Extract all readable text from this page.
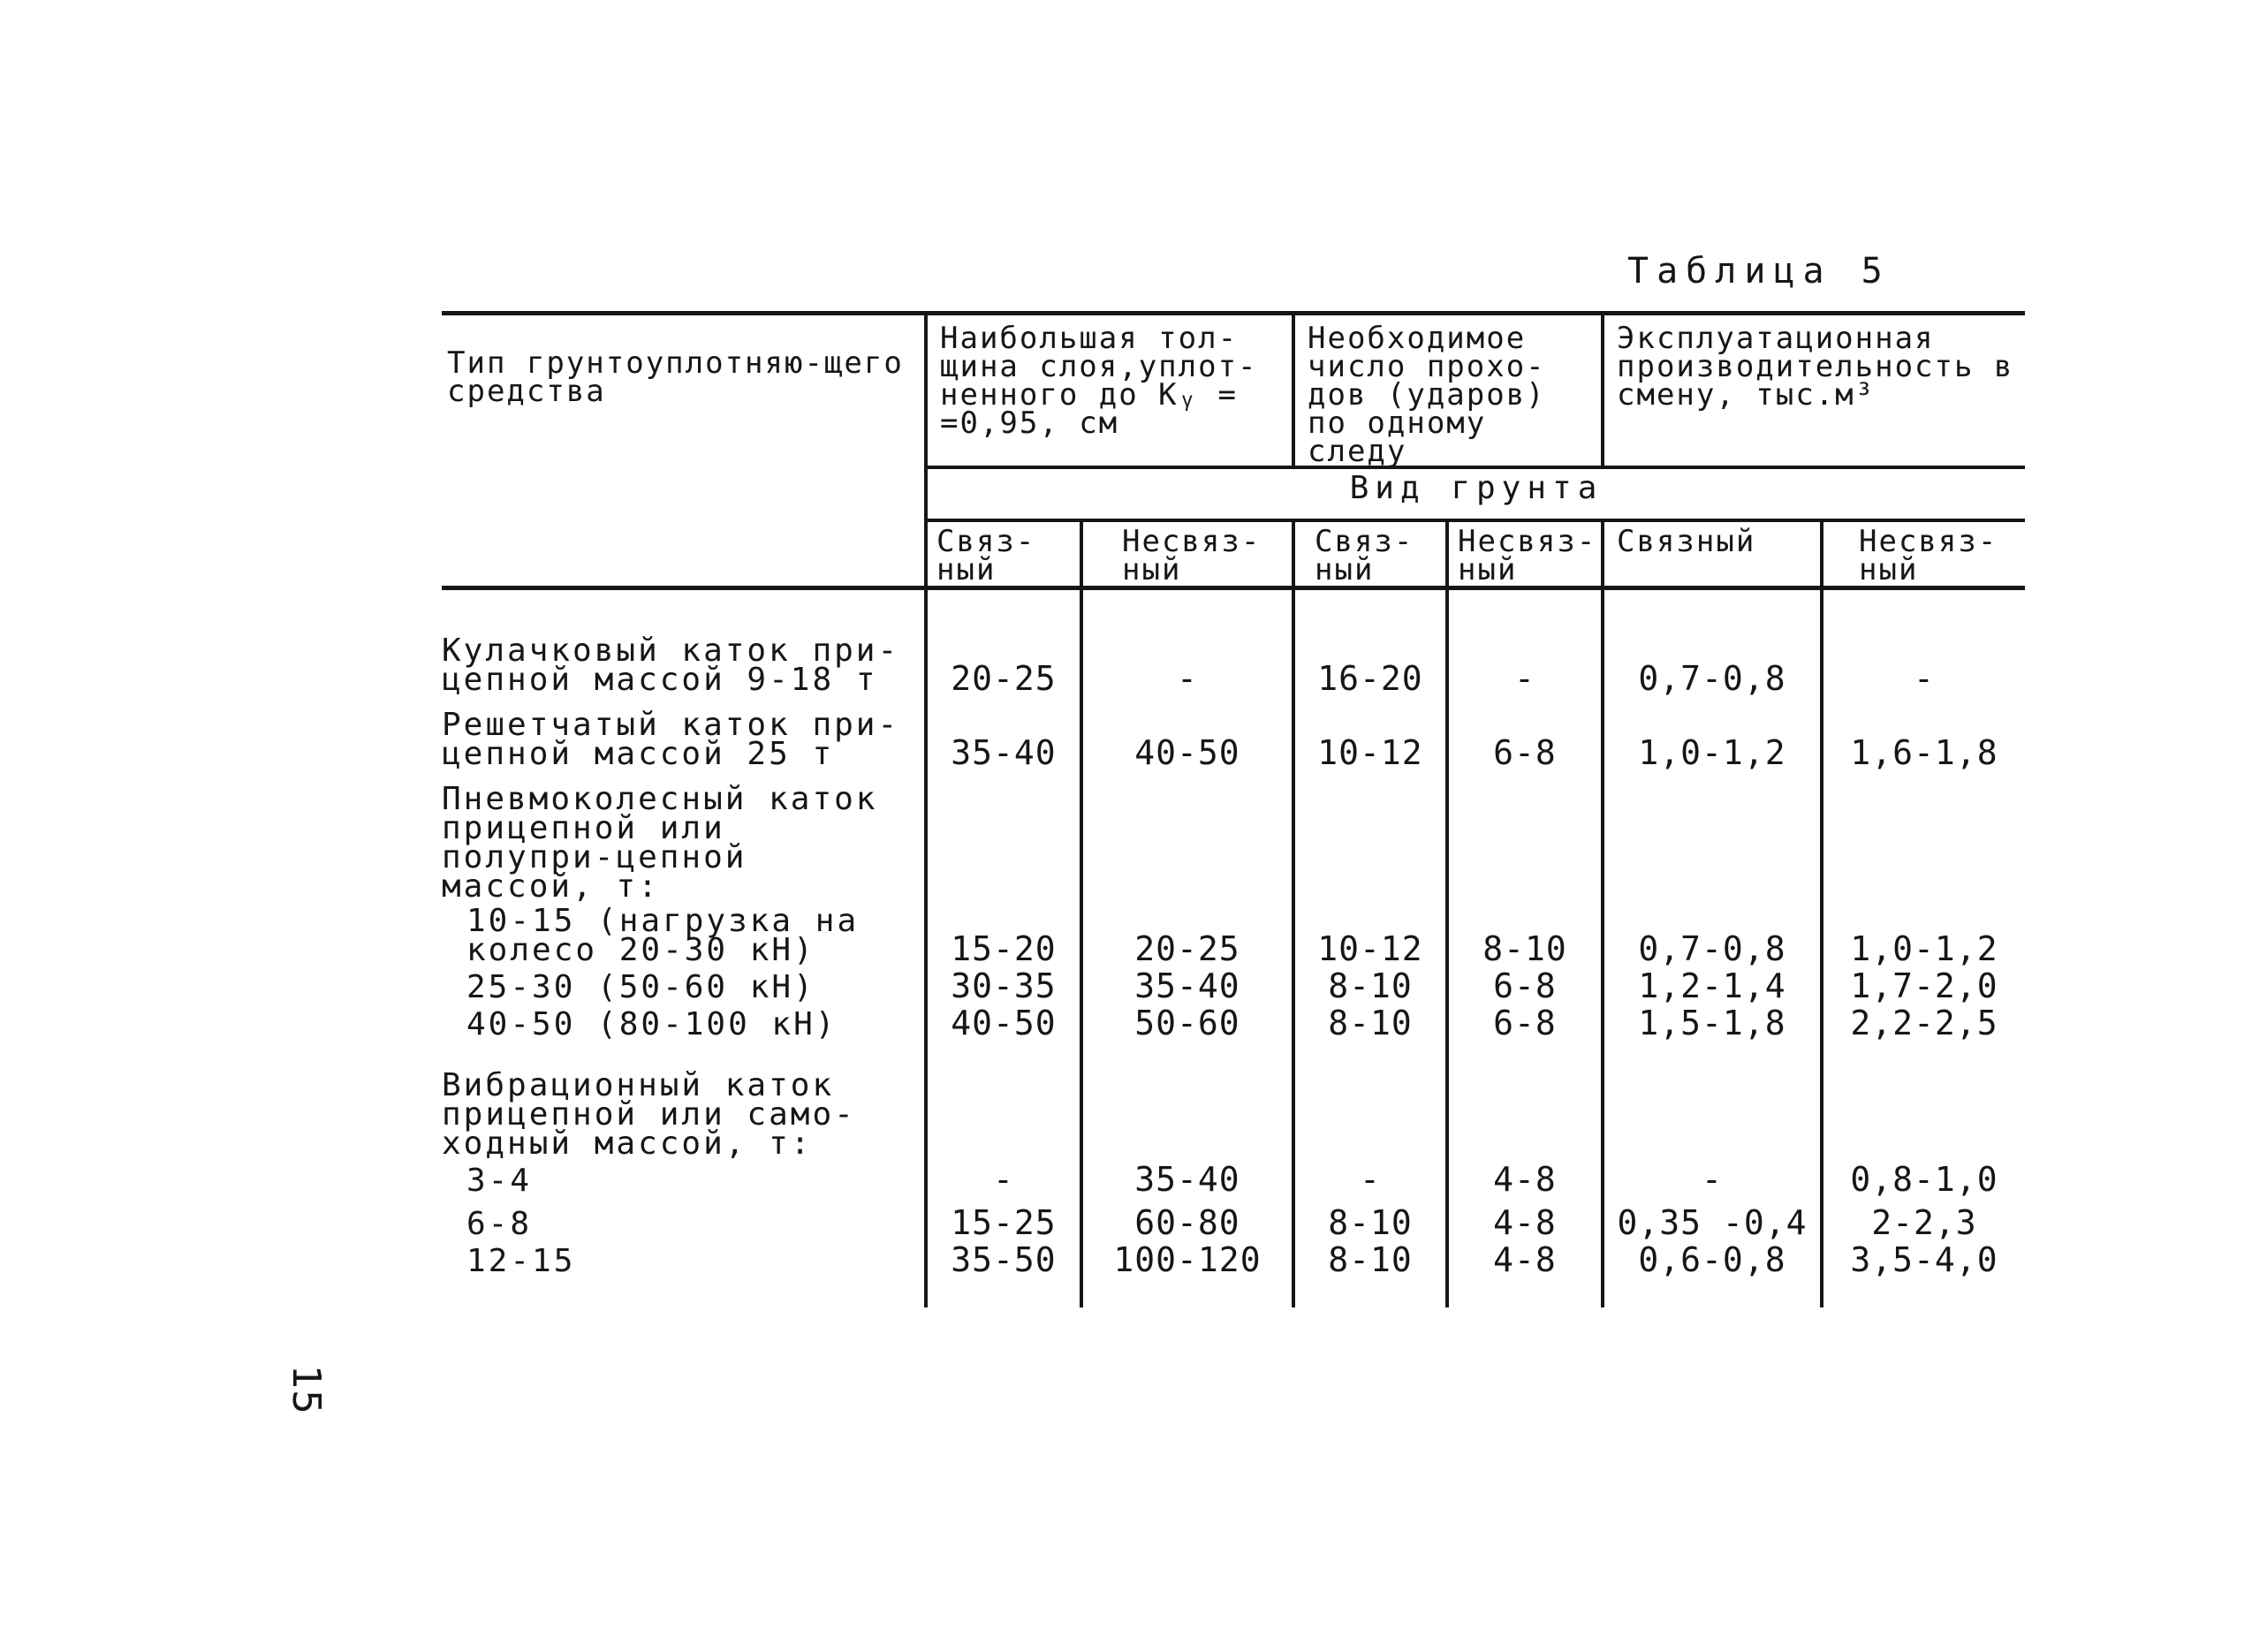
15
Таблица 5
Тип грунтоуплотняю-щего средства	Наибольшая тол-щина слоя,уплот-ненного до Kᵧ = =0,95, см		Необходимое число прохо-дов (ударов) по одному следу		Эксплуатационная производительность в смену, тыс.м³	
	Вид грунта					
	Связ-ный	Несвяз-ный	Связ-ный	Несвяз-ный	Связный	Несвяз-ный
Кулачковый каток при-цепной массой 9-18 т	20-25	-	16-20	-	0,7-0,8	-
Решетчатый каток при-цепной массой 25 т	35-40	40-50	10-12	6-8	1,0-1,2	1,6-1,8
Пневмоколесный каток прицепной или полупри-цепной массой, т:						
10-15 (нагрузка на колесо 20-30 кН)	15-20	20-25	10-12	8-10	0,7-0,8	1,0-1,2
25-30 (50-60 кН)	30-35	35-40	8-10	6-8	1,2-1,4	1,7-2,0
40-50 (80-100 кН)	40-50	50-60	8-10	6-8	1,5-1,8	2,2-2,5
Вибрационный каток прицепной или само-ходный массой, т:						
3-4	-	35-40	-	4-8	-	0,8-1,0
6-8	15-25	60-80	8-10	4-8	0,35 -0,4	2-2,3
12-15	35-50	100-120	8-10	4-8	0,6-0,8	3,5-4,0
